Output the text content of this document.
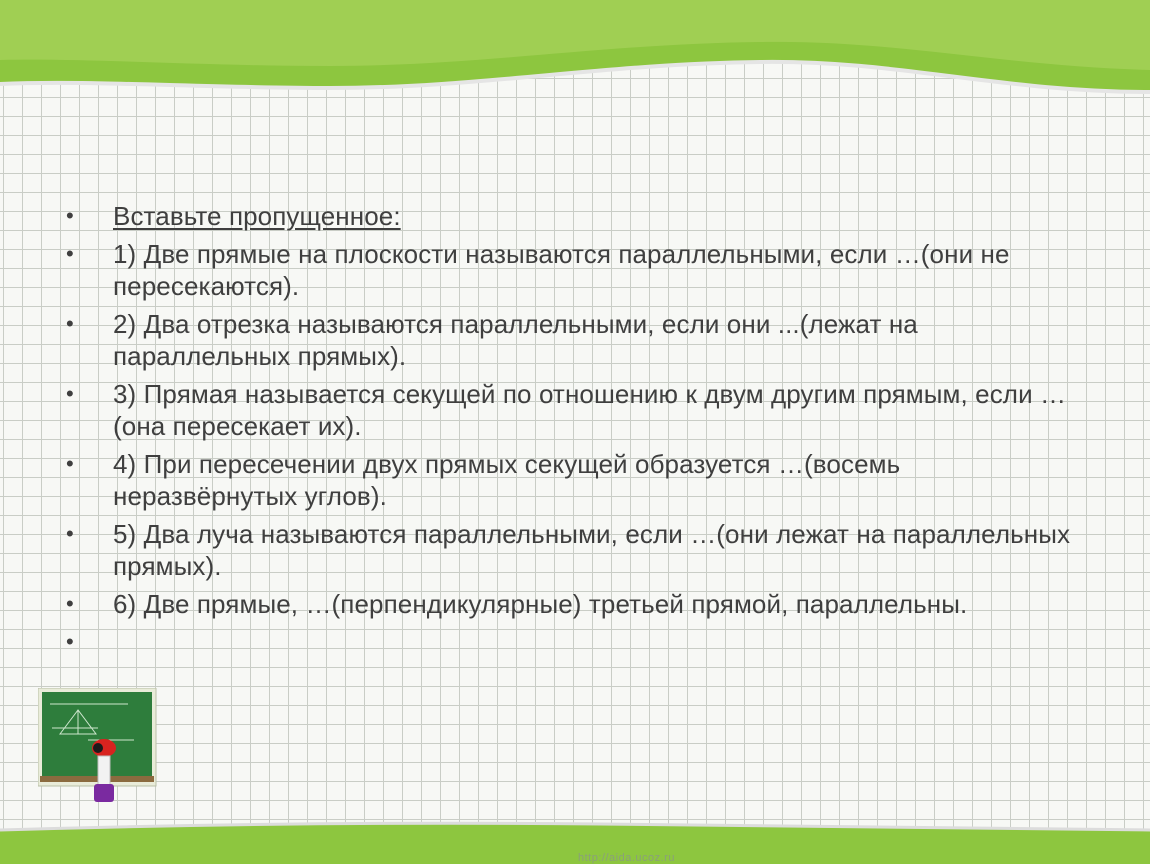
•	Вставьте пропущенное:
•	1) Две прямые на плоскости называются параллельными, если …(они не пересекаются).
•	2) Два отрезка называются параллельными, если они ...(лежат на параллельных прямых).
•	3) Прямая называется секущей по отношению к двум другим прямым, если …(она пересекает их).
•	4) При пересечении двух прямых секущей образуется …(восемь неразвёрнутых углов).
•	5) Два луча называются параллельными, если …(они лежат на параллельных прямых).
•	6) Две прямые, …(перпендикулярные) третьей прямой, параллельны.
•

http://aida.ucoz.ru
